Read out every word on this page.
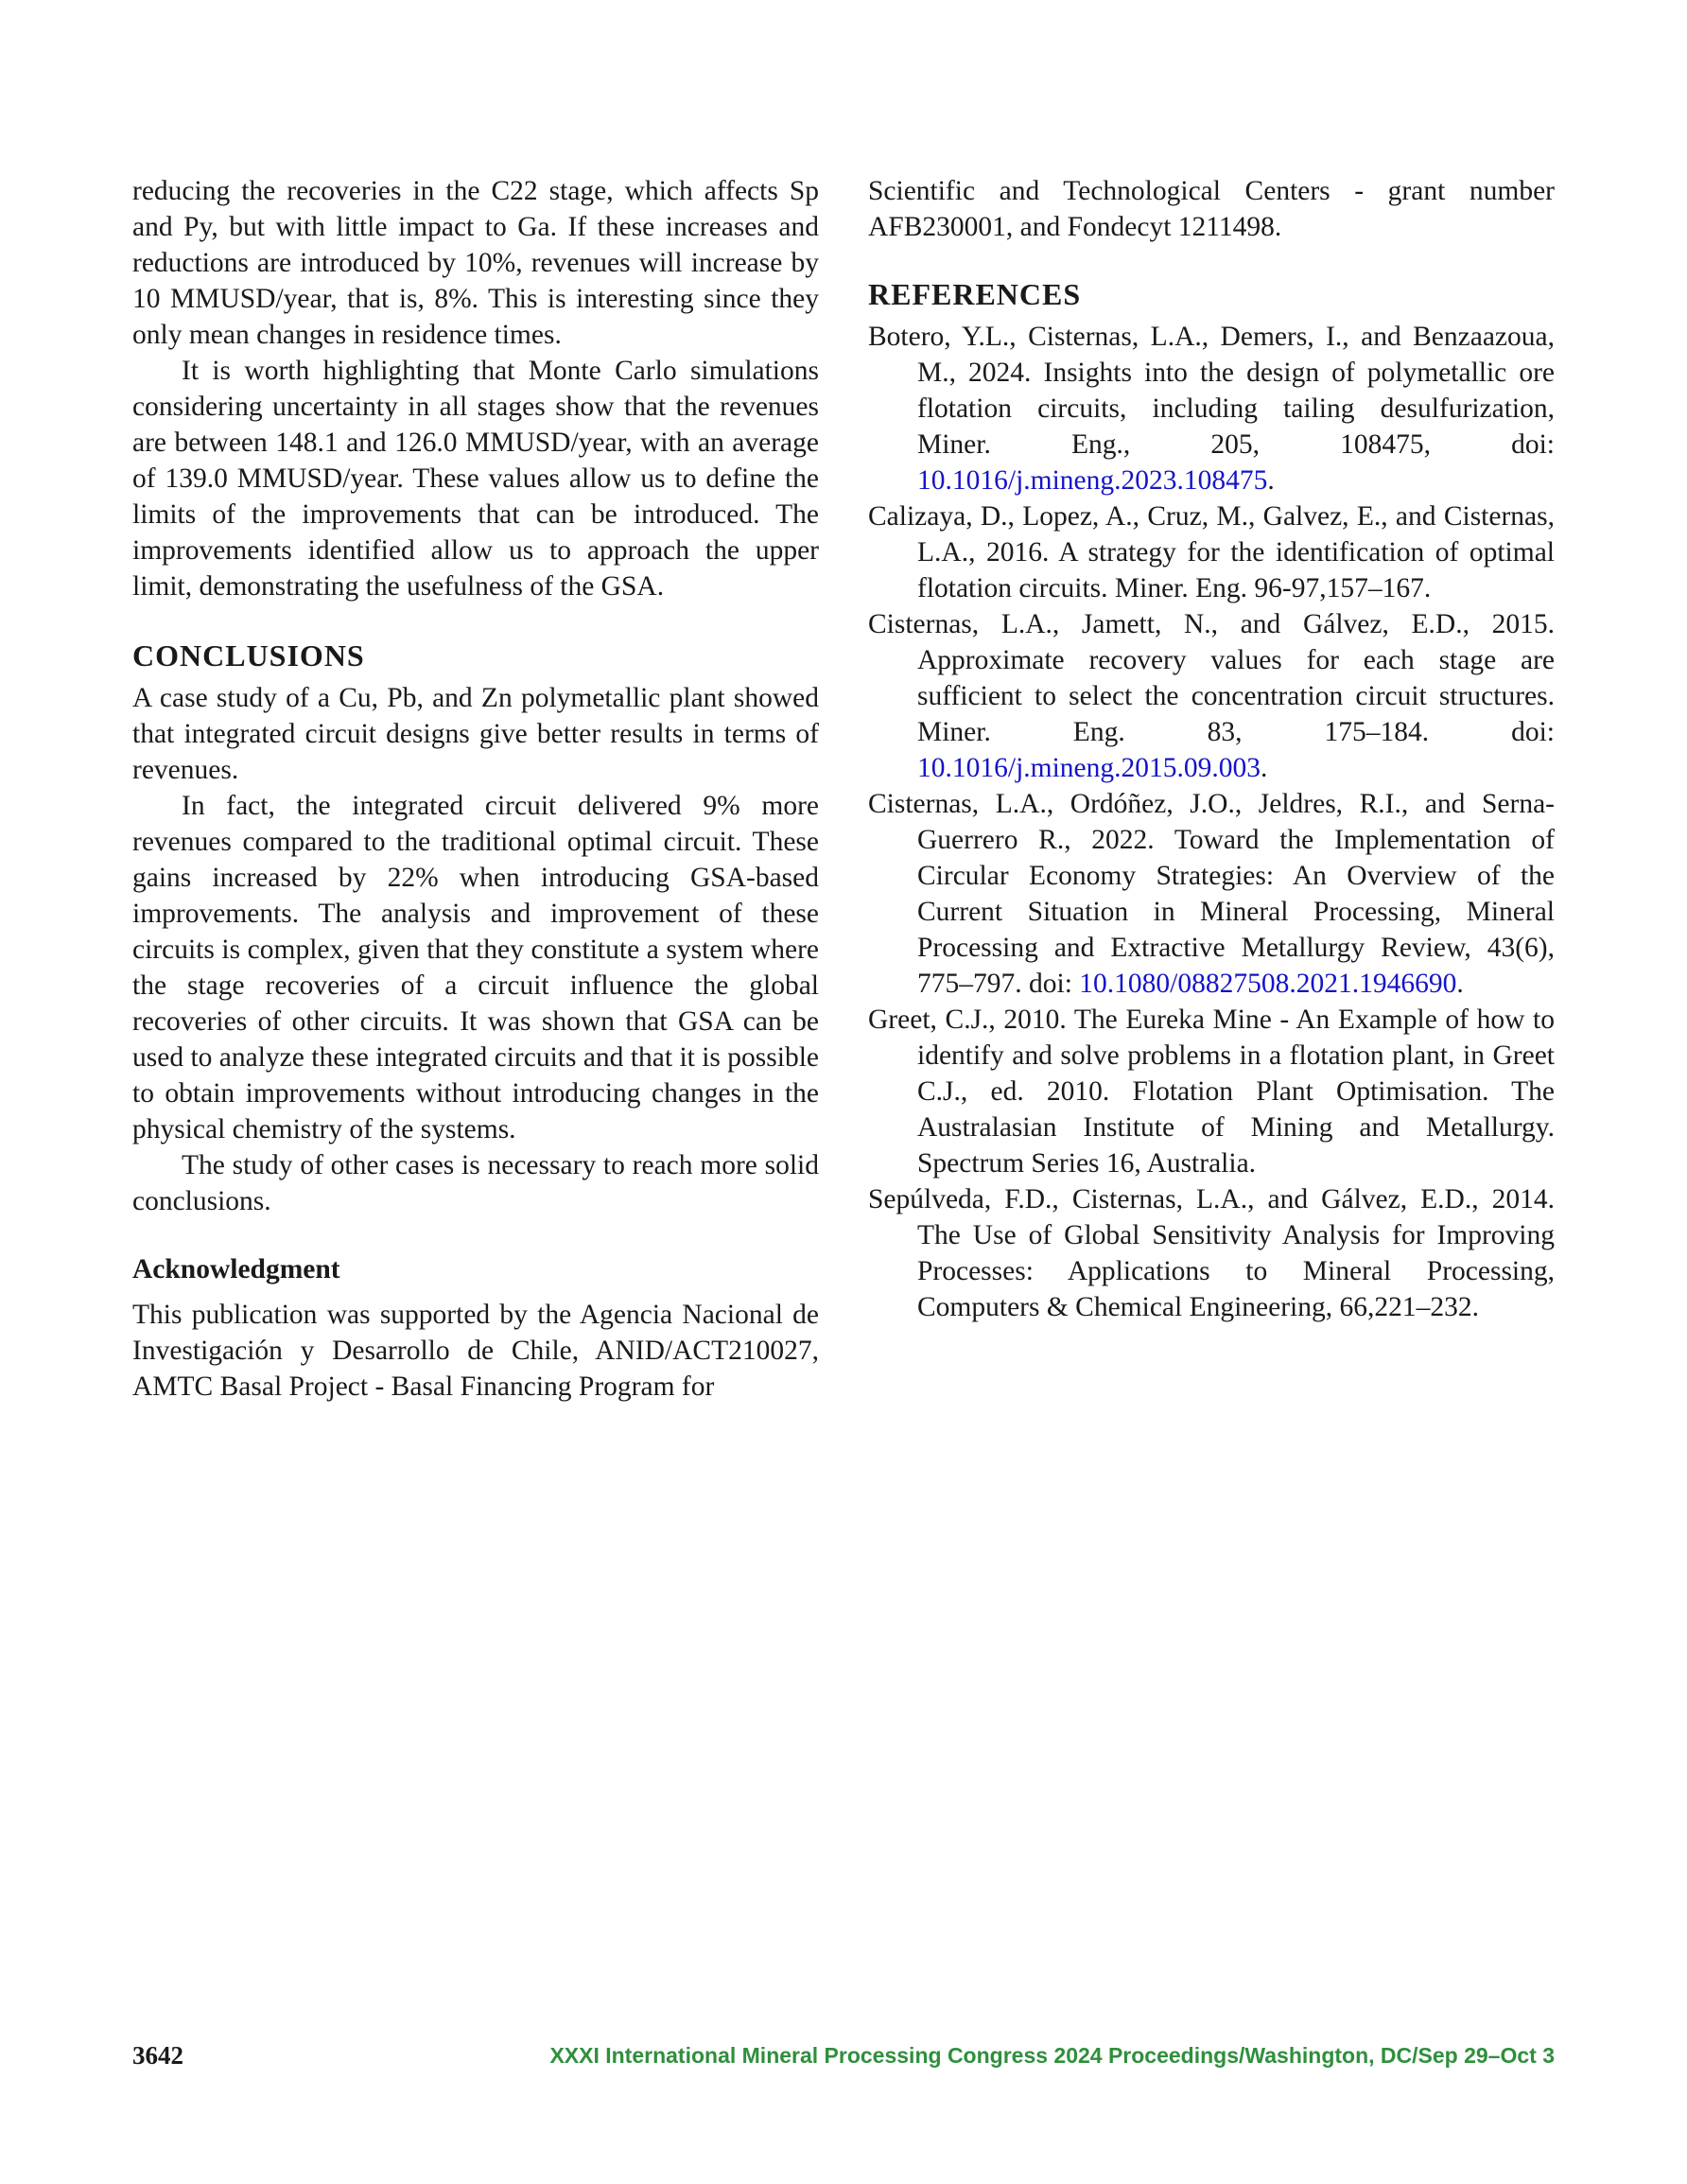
reducing the recoveries in the C22 stage, which affects Sp and Py, but with little impact to Ga. If these increases and reductions are introduced by 10%, revenues will increase by 10 MMUSD/year, that is, 8%. This is interesting since they only mean changes in residence times.

It is worth highlighting that Monte Carlo simulations considering uncertainty in all stages show that the revenues are between 148.1 and 126.0 MMUSD/year, with an average of 139.0 MMUSD/year. These values allow us to define the limits of the improvements that can be introduced. The improvements identified allow us to approach the upper limit, demonstrating the usefulness of the GSA.

CONCLUSIONS

A case study of a Cu, Pb, and Zn polymetallic plant showed that integrated circuit designs give better results in terms of revenues.

In fact, the integrated circuit delivered 9% more revenues compared to the traditional optimal circuit. These gains increased by 22% when introducing GSA-based improvements. The analysis and improvement of these circuits is complex, given that they constitute a system where the stage recoveries of a circuit influence the global recoveries of other circuits. It was shown that GSA can be used to analyze these integrated circuits and that it is possible to obtain improvements without introducing changes in the physical chemistry of the systems.

The study of other cases is necessary to reach more solid conclusions.

Acknowledgment

This publication was supported by the Agencia Nacional de Investigación y Desarrollo de Chile, ANID/ACT210027, AMTC Basal Project - Basal Financing Program for

Scientific and Technological Centers - grant number AFB230001, and Fondecyt 1211498.

REFERENCES

Botero, Y.L., Cisternas, L.A., Demers, I., and Benzaazoua, M., 2024. Insights into the design of polymetallic ore flotation circuits, including tailing desulfurization, Miner. Eng., 205, 108475, doi: 10.1016/j.mineng.2023.108475.

Calizaya, D., Lopez, A., Cruz, M., Galvez, E., and Cisternas, L.A., 2016. A strategy for the identification of optimal flotation circuits. Miner. Eng. 96-97,157–167.

Cisternas, L.A., Jamett, N., and Gálvez, E.D., 2015. Approximate recovery values for each stage are sufficient to select the concentration circuit structures. Miner. Eng. 83, 175–184. doi: 10.1016/j.mineng.2015.09.003.

Cisternas, L.A., Ordóñez, J.O., Jeldres, R.I., and Serna-Guerrero R., 2022. Toward the Implementation of Circular Economy Strategies: An Overview of the Current Situation in Mineral Processing, Mineral Processing and Extractive Metallurgy Review, 43(6), 775–797. doi: 10.1080/08827508.2021.1946690.

Greet, C.J., 2010. The Eureka Mine - An Example of how to identify and solve problems in a flotation plant, in Greet C.J., ed. 2010. Flotation Plant Optimisation. The Australasian Institute of Mining and Metallurgy. Spectrum Series 16, Australia.

Sepúlveda, F.D., Cisternas, L.A., and Gálvez, E.D., 2014. The Use of Global Sensitivity Analysis for Improving Processes: Applications to Mineral Processing, Computers & Chemical Engineering, 66,221–232.

3642	XXXI International Mineral Processing Congress 2024 Proceedings/Washington, DC/Sep 29–Oct 3
